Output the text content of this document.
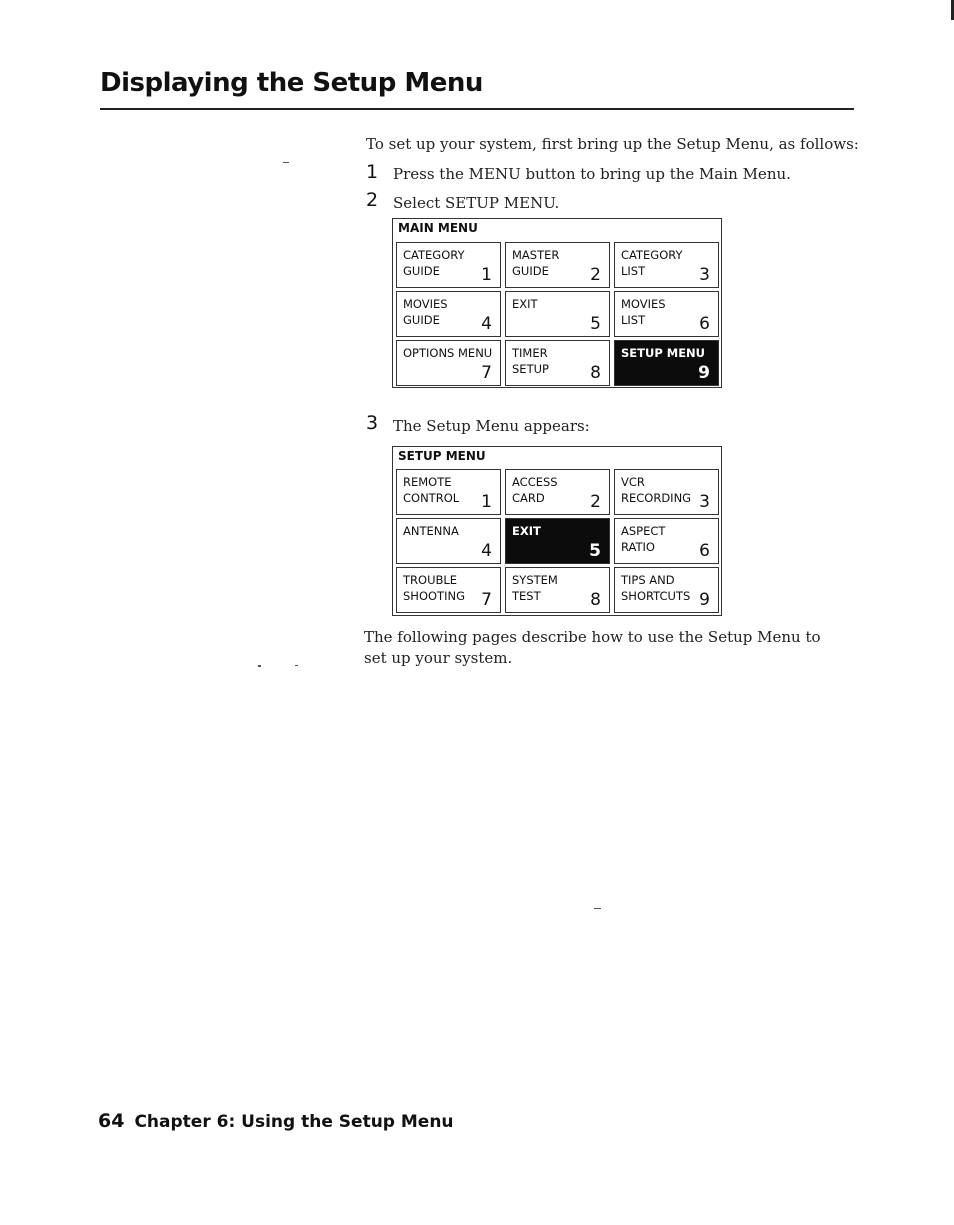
Displaying the Setup Menu
To set up your system, first bring up the Setup Menu, as follows:
1 Press the MENU button to bring up the Main Menu.
2 Select SETUP MENU.
MAIN MENU
CATEGORY
GUIDE 1
MASTER
GUIDE 2
CATEGORY
LIST	3
MOVIES
GUIDE 4
EXIT
5
MOVIES
LIST	6
OPTIONS MENU
7
TIMER
SETUP 8
SETUP MENU
9
3 The Setup Menu appears:
SETUP MENU
REMOTE
CONTROL 1
ACCESS
CARD	2
VCR
RECORDING 3
ANTENNA
4
EXIT
5
ASPECT
RATIO	6
TROUBLE
SHOOTING 7
SYSTEM
TEST	8
TIPS AND
SHORTCUTS 9
The following pages describe how to use the Setup Menu to set up your system.
64 Chapter 6: Using the Setup Menu
